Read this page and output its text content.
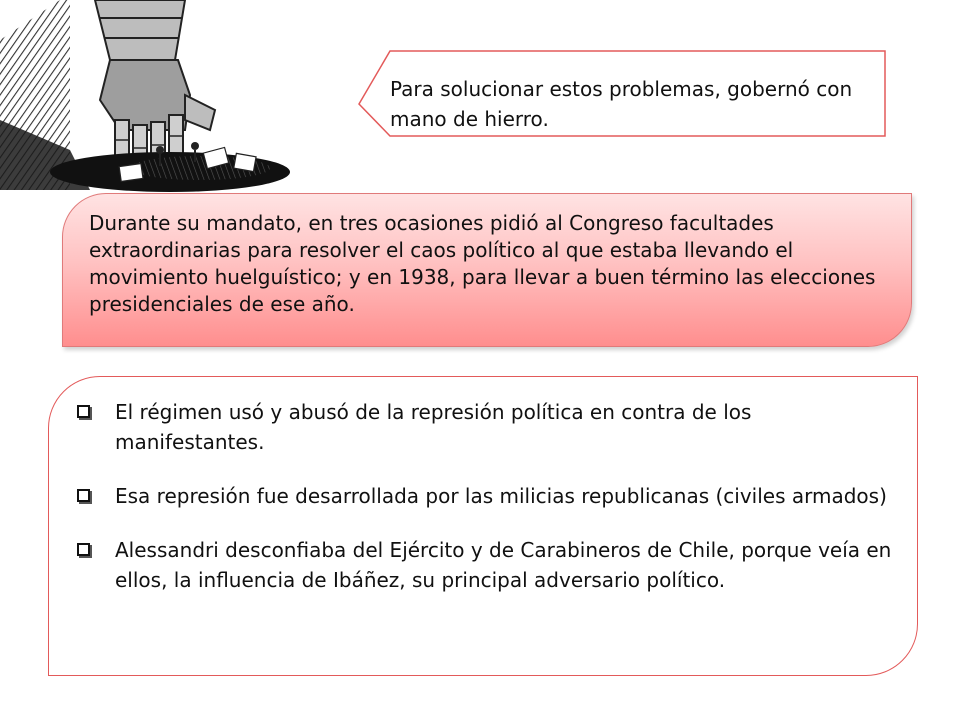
Para solucionar estos problemas, gobernó con mano de hierro.
Durante su mandato, en tres ocasiones pidió al Congreso facultades extraordinarias para resolver el caos político al que estaba llevando el movimiento huelguístico; y en 1938, para llevar a buen término las elecciones presidenciales de ese año.
El régimen usó y abusó de la represión política en contra de los manifestantes.
Esa represión fue desarrollada por las milicias republicanas (civiles armados)
Alessandri desconfiaba del Ejército y de Carabineros de Chile, porque veía en ellos, la influencia de Ibáñez, su principal adversario político.
